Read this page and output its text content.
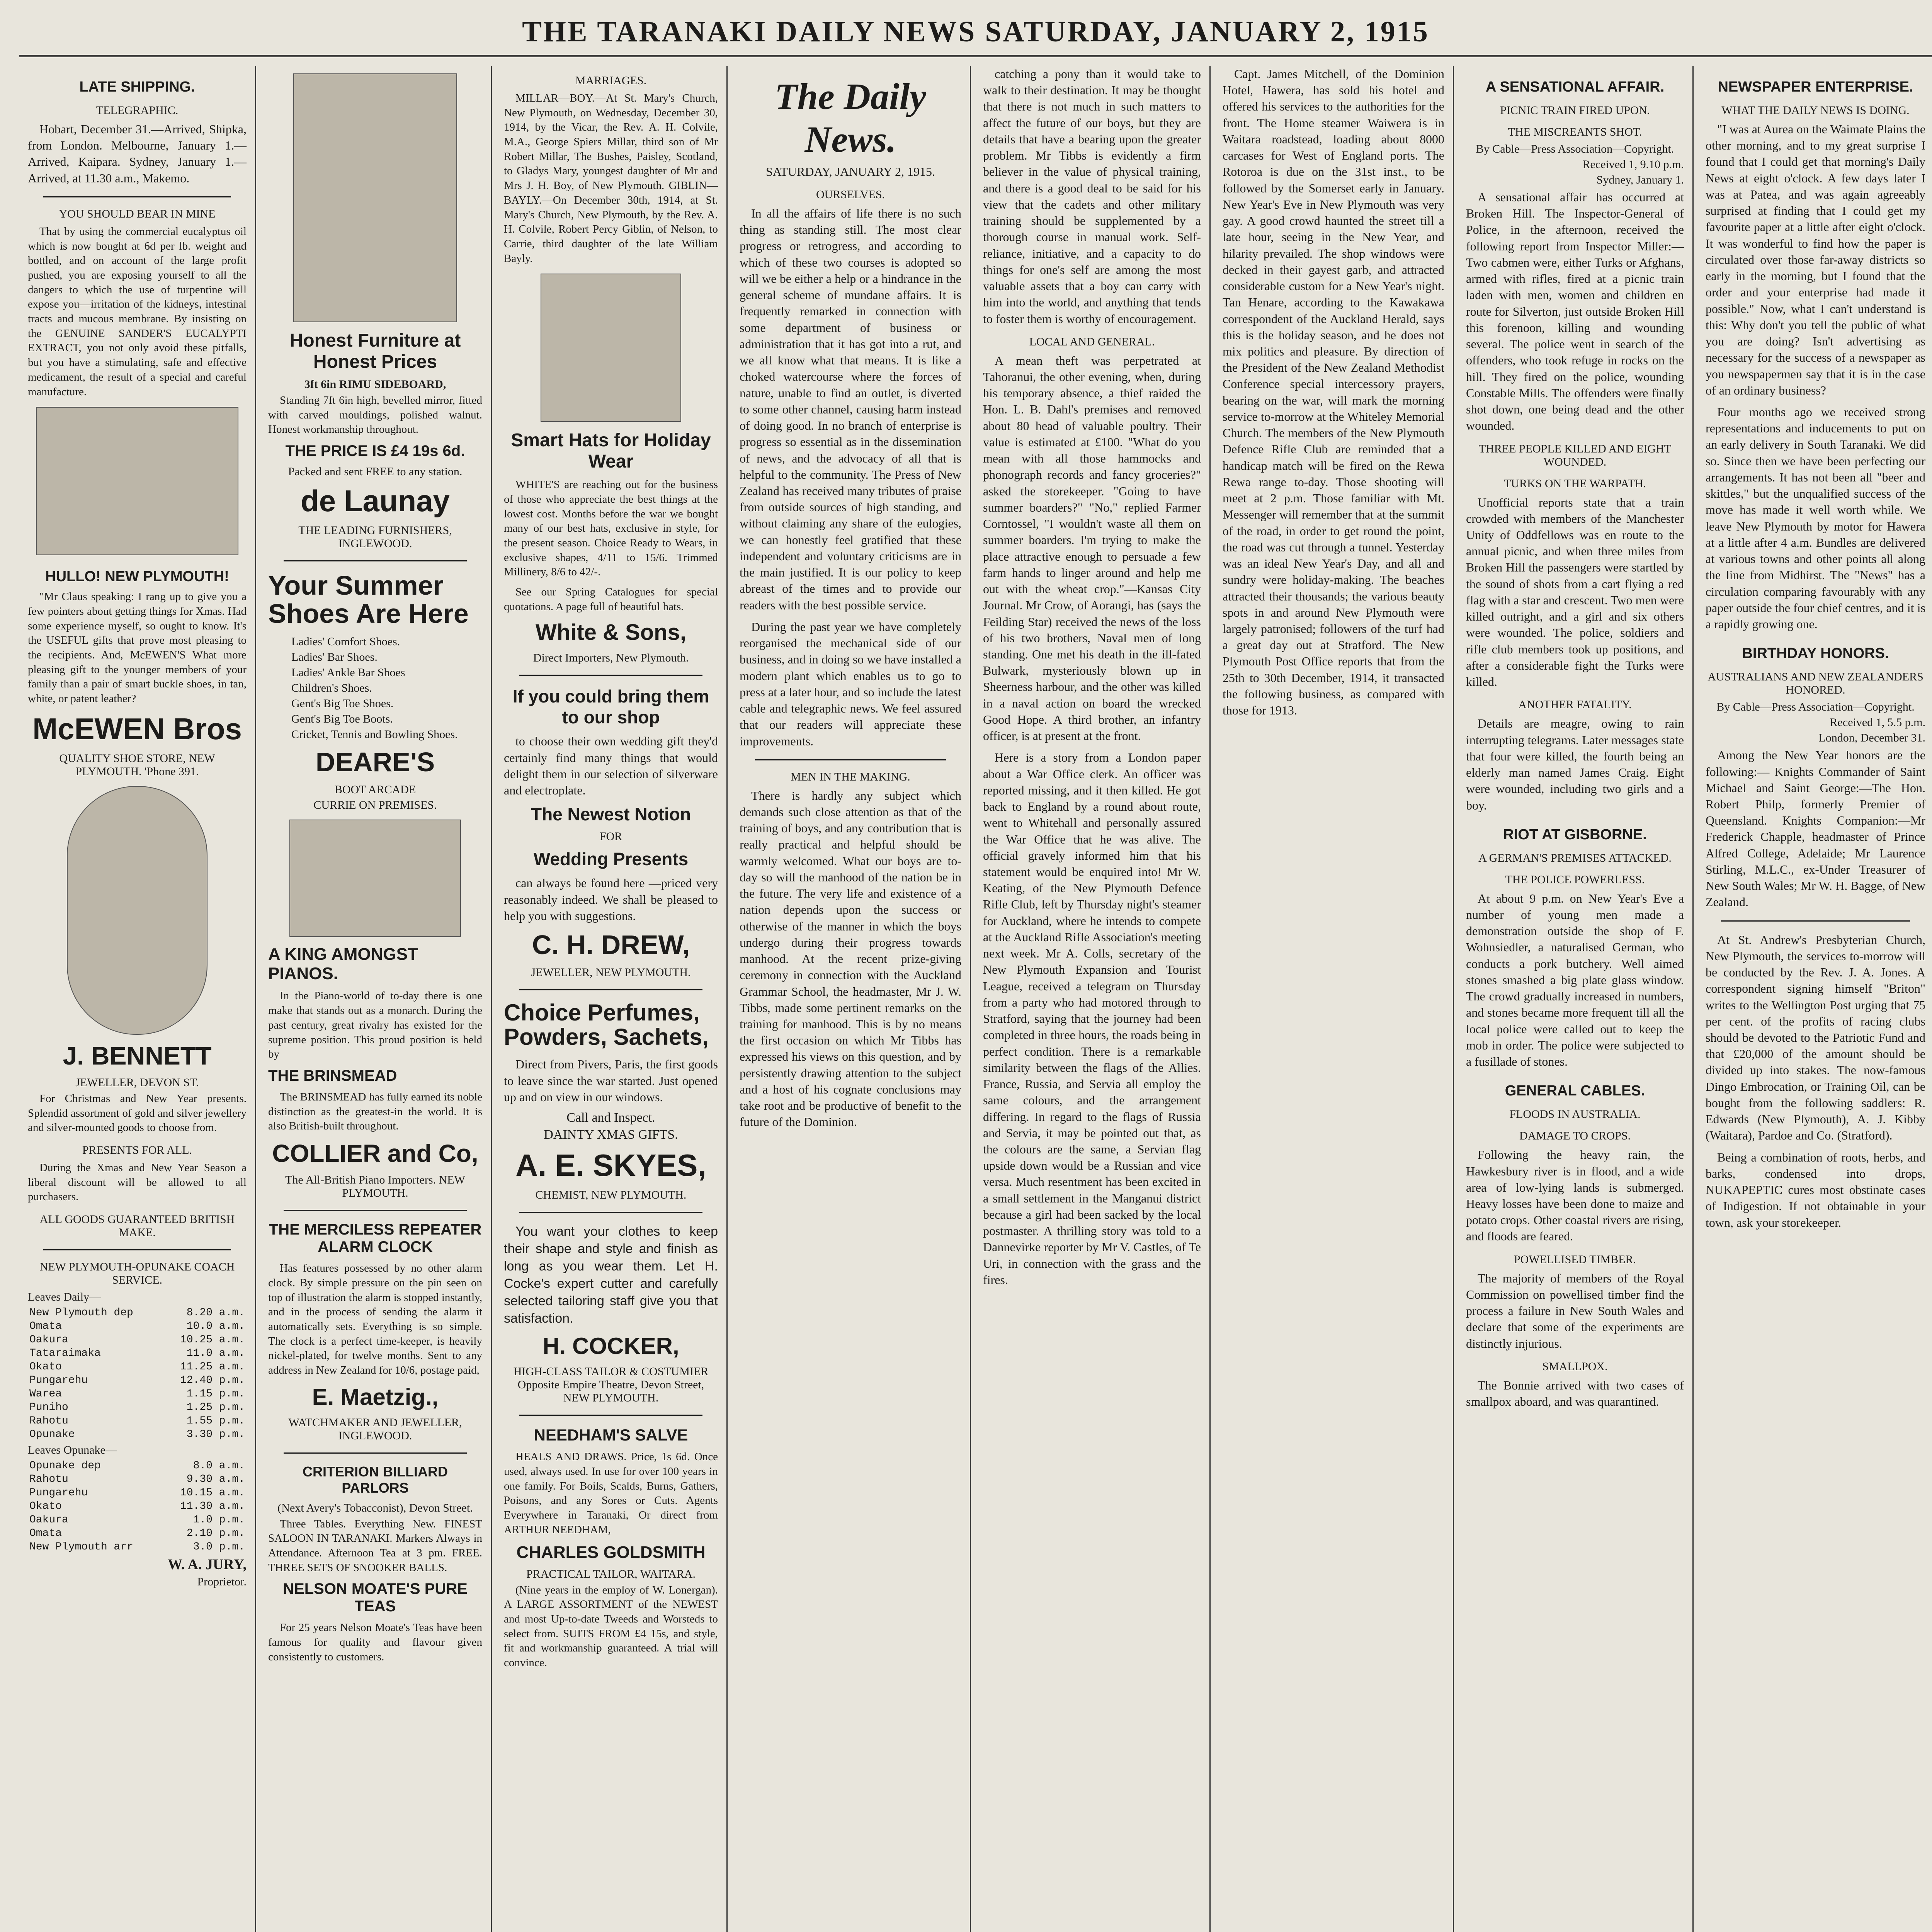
THE TARANAKI DAILY NEWS SATURDAY, JANUARY 2, 1915
LATE SHIPPING.
TELEGRAPHIC.

Hobart, December 31.—Arrived, Shipka, from London. Melbourne, January 1.—Arrived, Kaipara. Sydney, January 1.—Arrived, at 11.30 a.m., Makemo.

YOU SHOULD BEAR IN MINE

That by using the commercial eucalyptus oil which is now bought at 6d per lb. weight and bottled, and on account of the large profit pushed, you are exposing yourself to all the dangers to which the use of turpentine will expose you—irritation of the kidneys, intestinal tracts and mucous membrane. By insisting on the GENUINE SANDER'S EUCALYPTI EXTRACT, you not only avoid these pitfalls, but you have a stimulating, safe and effective medicament, the result of a special and careful manufacture.

HULLO! NEW PLYMOUTH!

"Mr Claus speaking: I rang up to give you a few pointers about getting things for Xmas. Had some experience myself, so ought to know. It's the USEFUL gifts that prove most pleasing to the recipients. And, McEWEN'S What more pleasing gift to the younger members of your family than a pair of smart buckle shoes, in tan, white, or patent leather?

McEWEN Bros
QUALITY SHOE STORE, NEW PLYMOUTH. 'Phone 391.
J. BENNETT
JEWELLER, DEVON ST.

For Christmas and New Year presents. Splendid assortment of gold and silver jewellery and silver-mounted goods to choose from.

PRESENTS FOR ALL.

During the Xmas and New Year Season a liberal discount will be allowed to all purchasers.

ALL GOODS GUARANTEED BRITISH MAKE.
NEW PLYMOUTH-OPUNAKE COACH SERVICE.
Leaves Daily—
New Plymouth dep	8.20 a.m.
Omata	10.0 a.m.
Oakura	10.25 a.m.
Tataraimaka	11.0 a.m.
Okato	11.25 a.m.
Pungarehu	12.40 p.m.
Warea	1.15 p.m.
Puniho	1.25 p.m.
Rahotu	1.55 p.m.
Opunake	3.30 p.m.
Leaves Opunake—
Opunake dep	8.0 a.m.
Rahotu	9.30 a.m.
Pungarehu	10.15 a.m.
Okato	11.30 a.m.
Oakura	1.0 p.m.
Omata	2.10 p.m.
New Plymouth arr	3.0 p.m.
W. A. JURY,
Proprietor.
Honest Furniture at Honest Prices
3ft 6in RIMU SIDEBOARD,

Standing 7ft 6in high, bevelled mirror, fitted with carved mouldings, polished walnut. Honest workmanship throughout.

THE PRICE IS £4 19s 6d.
Packed and sent FREE to any station.
de Launay
THE LEADING FURNISHERS, INGLEWOOD.
Your Summer Shoes Are Here
Ladies' Comfort Shoes.
Ladies' Bar Shoes.
Ladies' Ankle Bar Shoes
Children's Shoes.
Gent's Big Toe Shoes.
Gent's Big Toe Boots.
Cricket, Tennis and Bowling Shoes.
DEARE'S
BOOT ARCADE
CURRIE ON PREMISES.
A KING AMONGST PIANOS.

In the Piano-world of to-day there is one make that stands out as a monarch. During the past century, great rivalry has existed for the supreme position. This proud position is held by

THE BRINSMEAD

The BRINSMEAD has fully earned its noble distinction as the greatest-in the world. It is also British-built throughout.

COLLIER and Co,
The All-British Piano Importers. NEW PLYMOUTH.
THE MERCILESS REPEATER ALARM CLOCK

Has features possessed by no other alarm clock. By simple pressure on the pin seen on top of illustration the alarm is stopped instantly, and in the process of sending the alarm it automatically sets. Everything is so simple. The clock is a perfect time-keeper, is heavily nickel-plated, for twelve months. Sent to any address in New Zealand for 10/6, postage paid,

E. Maetzig.,
WATCHMAKER AND JEWELLER, INGLEWOOD.
CRITERION BILLIARD PARLORS
(Next Avery's Tobacconist), Devon Street.

Three Tables. Everything New. FINEST SALOON IN TARANAKI. Markers Always in Attendance. Afternoon Tea at 3 pm. FREE. THREE SETS OF SNOOKER BALLS.

NELSON MOATE'S PURE TEAS

For 25 years Nelson Moate's Teas have been famous for quality and flavour given consistently to customers.

MARRIAGES.

MILLAR—BOY.—At St. Mary's Church, New Plymouth, on Wednesday, December 30, 1914, by the Vicar, the Rev. A. H. Colvile, M.A., George Spiers Millar, third son of Mr Robert Millar, The Bushes, Paisley, Scotland, to Gladys Mary, youngest daughter of Mr and Mrs J. H. Boy, of New Plymouth. GIBLIN—BAYLY.—On December 30th, 1914, at St. Mary's Church, New Plymouth, by the Rev. A. H. Colvile, Robert Percy Giblin, of Nelson, to Carrie, third daughter of the late William Bayly.

Smart Hats for Holiday Wear

WHITE'S are reaching out for the business of those who appreciate the best things at the lowest cost. Months before the war we bought many of our best hats, exclusive in style, for the present season. Choice Ready to Wears, in exclusive shapes, 4/11 to 15/6. Trimmed Millinery, 8/6 to 42/-.

See our Spring Catalogues for special quotations. A page full of beautiful hats.

White & Sons,
Direct Importers, New Plymouth.
If you could bring them to our shop

to choose their own wedding gift they'd certainly find many things that would delight them in our selection of silverware and electroplate.

The Newest Notion
FOR
Wedding Presents

can always be found here —priced very reasonably indeed. We shall be pleased to help you with suggestions.

C. H. DREW,
JEWELLER, NEW PLYMOUTH.
Choice Perfumes, Powders, Sachets,

Direct from Pivers, Paris, the first goods to leave since the war started. Just opened up and on view in our windows.

Call and Inspect.
DAINTY XMAS GIFTS.
A. E. SKYES,
CHEMIST, NEW PLYMOUTH.

You want your clothes to keep their shape and style and finish as long as you wear them. Let H. Cocke's expert cutter and carefully selected tailoring staff give you that satisfaction.

H. COCKER,
HIGH-CLASS TAILOR & COSTUMIER Opposite Empire Theatre, Devon Street, NEW PLYMOUTH.
NEEDHAM'S SALVE

HEALS AND DRAWS. Price, 1s 6d. Once used, always used. In use for over 100 years in one family. For Boils, Scalds, Burns, Gathers, Poisons, and any Sores or Cuts. Agents Everywhere in Taranaki, Or direct from ARTHUR NEEDHAM,

CHARLES GOLDSMITH
PRACTICAL TAILOR, WAITARA.

(Nine years in the employ of W. Lonergan). A LARGE ASSORTMENT of the NEWEST and most Up-to-date Tweeds and Worsteds to select from. SUITS FROM £4 15s, and style, fit and workmanship guaranteed. A trial will convince.

The Daily News.
SATURDAY, JANUARY 2, 1915.
OURSELVES.

In all the affairs of life there is no such thing as standing still. The most clear progress or retrogress, and according to which of these two courses is adopted so will we be either a help or a hindrance in the general scheme of mundane affairs. It is frequently remarked in connection with some department of business or administration that it has got into a rut, and we all know what that means. It is like a choked watercourse where the forces of nature, unable to find an outlet, is diverted to some other channel, causing harm instead of doing good. In no branch of enterprise is progress so essential as in the dissemination of news, and the advocacy of all that is helpful to the community. The Press of New Zealand has received many tributes of praise from outside sources of high standing, and without claiming any share of the eulogies, we can honestly feel gratified that these independent and voluntary criticisms are in the main justified. It is our policy to keep abreast of the times and to provide our readers with the best possible service.

During the past year we have completely reorganised the mechanical side of our business, and in doing so we have installed a modern plant which enables us to go to press at a later hour, and so include the latest cable and telegraphic news. We feel assured that our readers will appreciate these improvements.

MEN IN THE MAKING.

There is hardly any subject which demands such close attention as that of the training of boys, and any contribution that is really practical and helpful should be warmly welcomed. What our boys are to-day so will the manhood of the nation be in the future. The very life and existence of a nation depends upon the success or otherwise of the manner in which the boys undergo during their progress towards manhood. At the recent prize-giving ceremony in connection with the Auckland Grammar School, the headmaster, Mr J. W. Tibbs, made some pertinent remarks on the training for manhood. This is by no means the first occasion on which Mr Tibbs has expressed his views on this question, and by persistently drawing attention to the subject and a host of his cognate conclusions may take root and be productive of benefit to the future of the Dominion.

catching a pony than it would take to walk to their destination. It may be thought that there is not much in such matters to affect the future of our boys, but they are details that have a bearing upon the greater problem. Mr Tibbs is evidently a firm believer in the value of physical training, and there is a good deal to be said for his view that the cadets and other military training should be supplemented by a thorough course in manual work. Self-reliance, initiative, and a capacity to do things for one's self are among the most valuable assets that a boy can carry with him into the world, and anything that tends to foster them is worthy of encouragement.

LOCAL AND GENERAL.

A mean theft was perpetrated at Tahoranui, the other evening, when, during his temporary absence, a thief raided the Hon. L. B. Dahl's premises and removed about 80 head of valuable poultry. Their value is estimated at £100. "What do you mean with all those hammocks and phonograph records and fancy groceries?" asked the storekeeper. "Going to have summer boarders?" "No," replied Farmer Corntossel, "I wouldn't waste all them on summer boarders. I'm trying to make the place attractive enough to persuade a few farm hands to linger around and help me out with the wheat crop."—Kansas City Journal. Mr Crow, of Aorangi, has (says the Feilding Star) received the news of the loss of his two brothers, Naval men of long standing. One met his death in the ill-fated Bulwark, mysteriously blown up in Sheerness harbour, and the other was killed in a naval action on board the wrecked Good Hope. A third brother, an infantry officer, is at present at the front.

Here is a story from a London paper about a War Office clerk. An officer was reported missing, and it then killed. He got back to England by a round about route, went to Whitehall and personally assured the War Office that he was alive. The official gravely informed him that his statement would be enquired into! Mr W. Keating, of the New Plymouth Defence Rifle Club, left by Thursday night's steamer for Auckland, where he intends to compete at the Auckland Rifle Association's meeting next week. Mr A. Colls, secretary of the New Plymouth Expansion and Tourist League, received a telegram on Thursday from a party who had motored through to Stratford, saying that the journey had been completed in three hours, the roads being in perfect condition. There is a remarkable similarity between the flags of the Allies. France, Russia, and Servia all employ the same colours, and the arrangement differing. In regard to the flags of Russia and Servia, it may be pointed out that, as the colours are the same, a Servian flag upside down would be a Russian and vice versa. Much resentment has been excited in a small settlement in the Manganui district because a girl had been sacked by the local postmaster. A thrilling story was told to a Dannevirke reporter by Mr V. Castles, of Te Uri, in connection with the grass and the fires.

Capt. James Mitchell, of the Dominion Hotel, Hawera, has sold his hotel and offered his services to the authorities for the front. The Home steamer Waiwera is in Waitara roadstead, loading about 8000 carcases for West of England ports. The Rotoroa is due on the 31st inst., to be followed by the Somerset early in January. New Year's Eve in New Plymouth was very gay. A good crowd haunted the street till a late hour, seeing in the New Year, and hilarity prevailed. The shop windows were decked in their gayest garb, and attracted considerable custom for a New Year's night. Tan Henare, according to the Kawakawa correspondent of the Auckland Herald, says this is the holiday season, and he does not mix politics and pleasure. By direction of the President of the New Zealand Methodist Conference special intercessory prayers, bearing on the war, will mark the morning service to-morrow at the Whiteley Memorial Church. The members of the New Plymouth Defence Rifle Club are reminded that a handicap match will be fired on the Rewa Rewa range to-day. Those shooting will meet at 2 p.m. Those familiar with Mt. Messenger will remember that at the summit of the road, in order to get round the point, the road was cut through a tunnel. Yesterday was an ideal New Year's Day, and all and sundry were holiday-making. The beaches attracted their thousands; the various beauty spots in and around New Plymouth were largely patronised; followers of the turf had a great day out at Stratford. The New Plymouth Post Office reports that from the 25th to 30th December, 1914, it transacted the following business, as compared with those for 1913.

A SENSATIONAL AFFAIR.
PICNIC TRAIN FIRED UPON.
THE MISCREANTS SHOT.
By Cable—Press Association—Copyright.
Received 1, 9.10 p.m.
Sydney, January 1.

A sensational affair has occurred at Broken Hill. The Inspector-General of Police, in the afternoon, received the following report from Inspector Miller:— Two cabmen were, either Turks or Afghans, armed with rifles, fired at a picnic train laden with men, women and children en route for Silverton, just outside Broken Hill this forenoon, killing and wounding several. The police went in search of the offenders, who took refuge in rocks on the hill. They fired on the police, wounding Constable Mills. The offenders were finally shot down, one being dead and the other wounded.

THREE PEOPLE KILLED AND EIGHT WOUNDED.
TURKS ON THE WARPATH.

Unofficial reports state that a train crowded with members of the Manchester Unity of Oddfellows was en route to the annual picnic, and when three miles from Broken Hill the passengers were startled by the sound of shots from a cart flying a red flag with a star and crescent. Two men were killed outright, and a girl and six others were wounded. The police, soldiers and rifle club members took up positions, and after a considerable fight the Turks were killed.

ANOTHER FATALITY.

Details are meagre, owing to rain interrupting telegrams. Later messages state that four were killed, the fourth being an elderly man named James Craig. Eight were wounded, including two girls and a boy.

RIOT AT GISBORNE.
A GERMAN'S PREMISES ATTACKED.
THE POLICE POWERLESS.

At about 9 p.m. on New Year's Eve a number of young men made a demonstration outside the shop of F. Wohnsiedler, a naturalised German, who conducts a pork butchery. Well aimed stones smashed a big plate glass window. The crowd gradually increased in numbers, and stones became more frequent till all the local police were called out to keep the mob in order. The police were subjected to a fusillade of stones.

GENERAL CABLES.
FLOODS IN AUSTRALIA.
DAMAGE TO CROPS.

Following the heavy rain, the Hawkesbury river is in flood, and a wide area of low-lying lands is submerged. Heavy losses have been done to maize and potato crops. Other coastal rivers are rising, and floods are feared.

POWELLISED TIMBER.

The majority of members of the Royal Commission on powellised timber find the process a failure in New South Wales and declare that some of the experiments are distinctly injurious.

SMALLPOX.

The Bonnie arrived with two cases of smallpox aboard, and was quarantined.

NEWSPAPER ENTERPRISE.
WHAT THE DAILY NEWS IS DOING.

"I was at Aurea on the Waimate Plains the other morning, and to my great surprise I found that I could get that morning's Daily News at eight o'clock. A few days later I was at Patea, and was again agreeably surprised at finding that I could get my favourite paper at a little after eight o'clock. It was wonderful to find how the paper is circulated over those far-away districts so early in the morning, but I found that the order and your enterprise had made it possible." Now, what I can't understand is this: Why don't you tell the public of what you are doing? Isn't advertising as necessary for the success of a newspaper as you newspapermen say that it is in the case of an ordinary business?

Four months ago we received strong representations and inducements to put on an early delivery in South Taranaki. We did so. Since then we have been perfecting our arrangements. It has not been all "beer and skittles," but the unqualified success of the move has made it well worth while. We leave New Plymouth by motor for Hawera at a little after 4 a.m. Bundles are delivered at various towns and other points all along the line from Midhirst. The "News" has a circulation comparing favourably with any paper outside the four chief centres, and it is a rapidly growing one.

BIRTHDAY HONORS.
AUSTRALIANS AND NEW ZEALANDERS HONORED.
By Cable—Press Association—Copyright.
Received 1, 5.5 p.m.
London, December 31.

Among the New Year honors are the following:— Knights Commander of Saint Michael and Saint George:—The Hon. Robert Philp, formerly Premier of Queensland. Knights Companion:—Mr Frederick Chapple, headmaster of Prince Alfred College, Adelaide; Mr Laurence Stirling, M.L.C., ex-Under Treasurer of New South Wales; Mr W. H. Bagge, of New Zealand.

At St. Andrew's Presbyterian Church, New Plymouth, the services to-morrow will be conducted by the Rev. J. A. Jones. A correspondent signing himself "Briton" writes to the Wellington Post urging that 75 per cent. of the profits of racing clubs should be devoted to the Patriotic Fund and that £20,000 of the amount should be divided up into stakes. The now-famous Dingo Embrocation, or Training Oil, can be bought from the following saddlers: R. Edwards (New Plymouth), A. J. Kibby (Waitara), Pardoe and Co. (Stratford).

Being a combination of roots, herbs, and barks, condensed into drops, NUKAPEPTIC cures most obstinate cases of Indigestion. If not obtainable in your town, ask your storekeeper.
